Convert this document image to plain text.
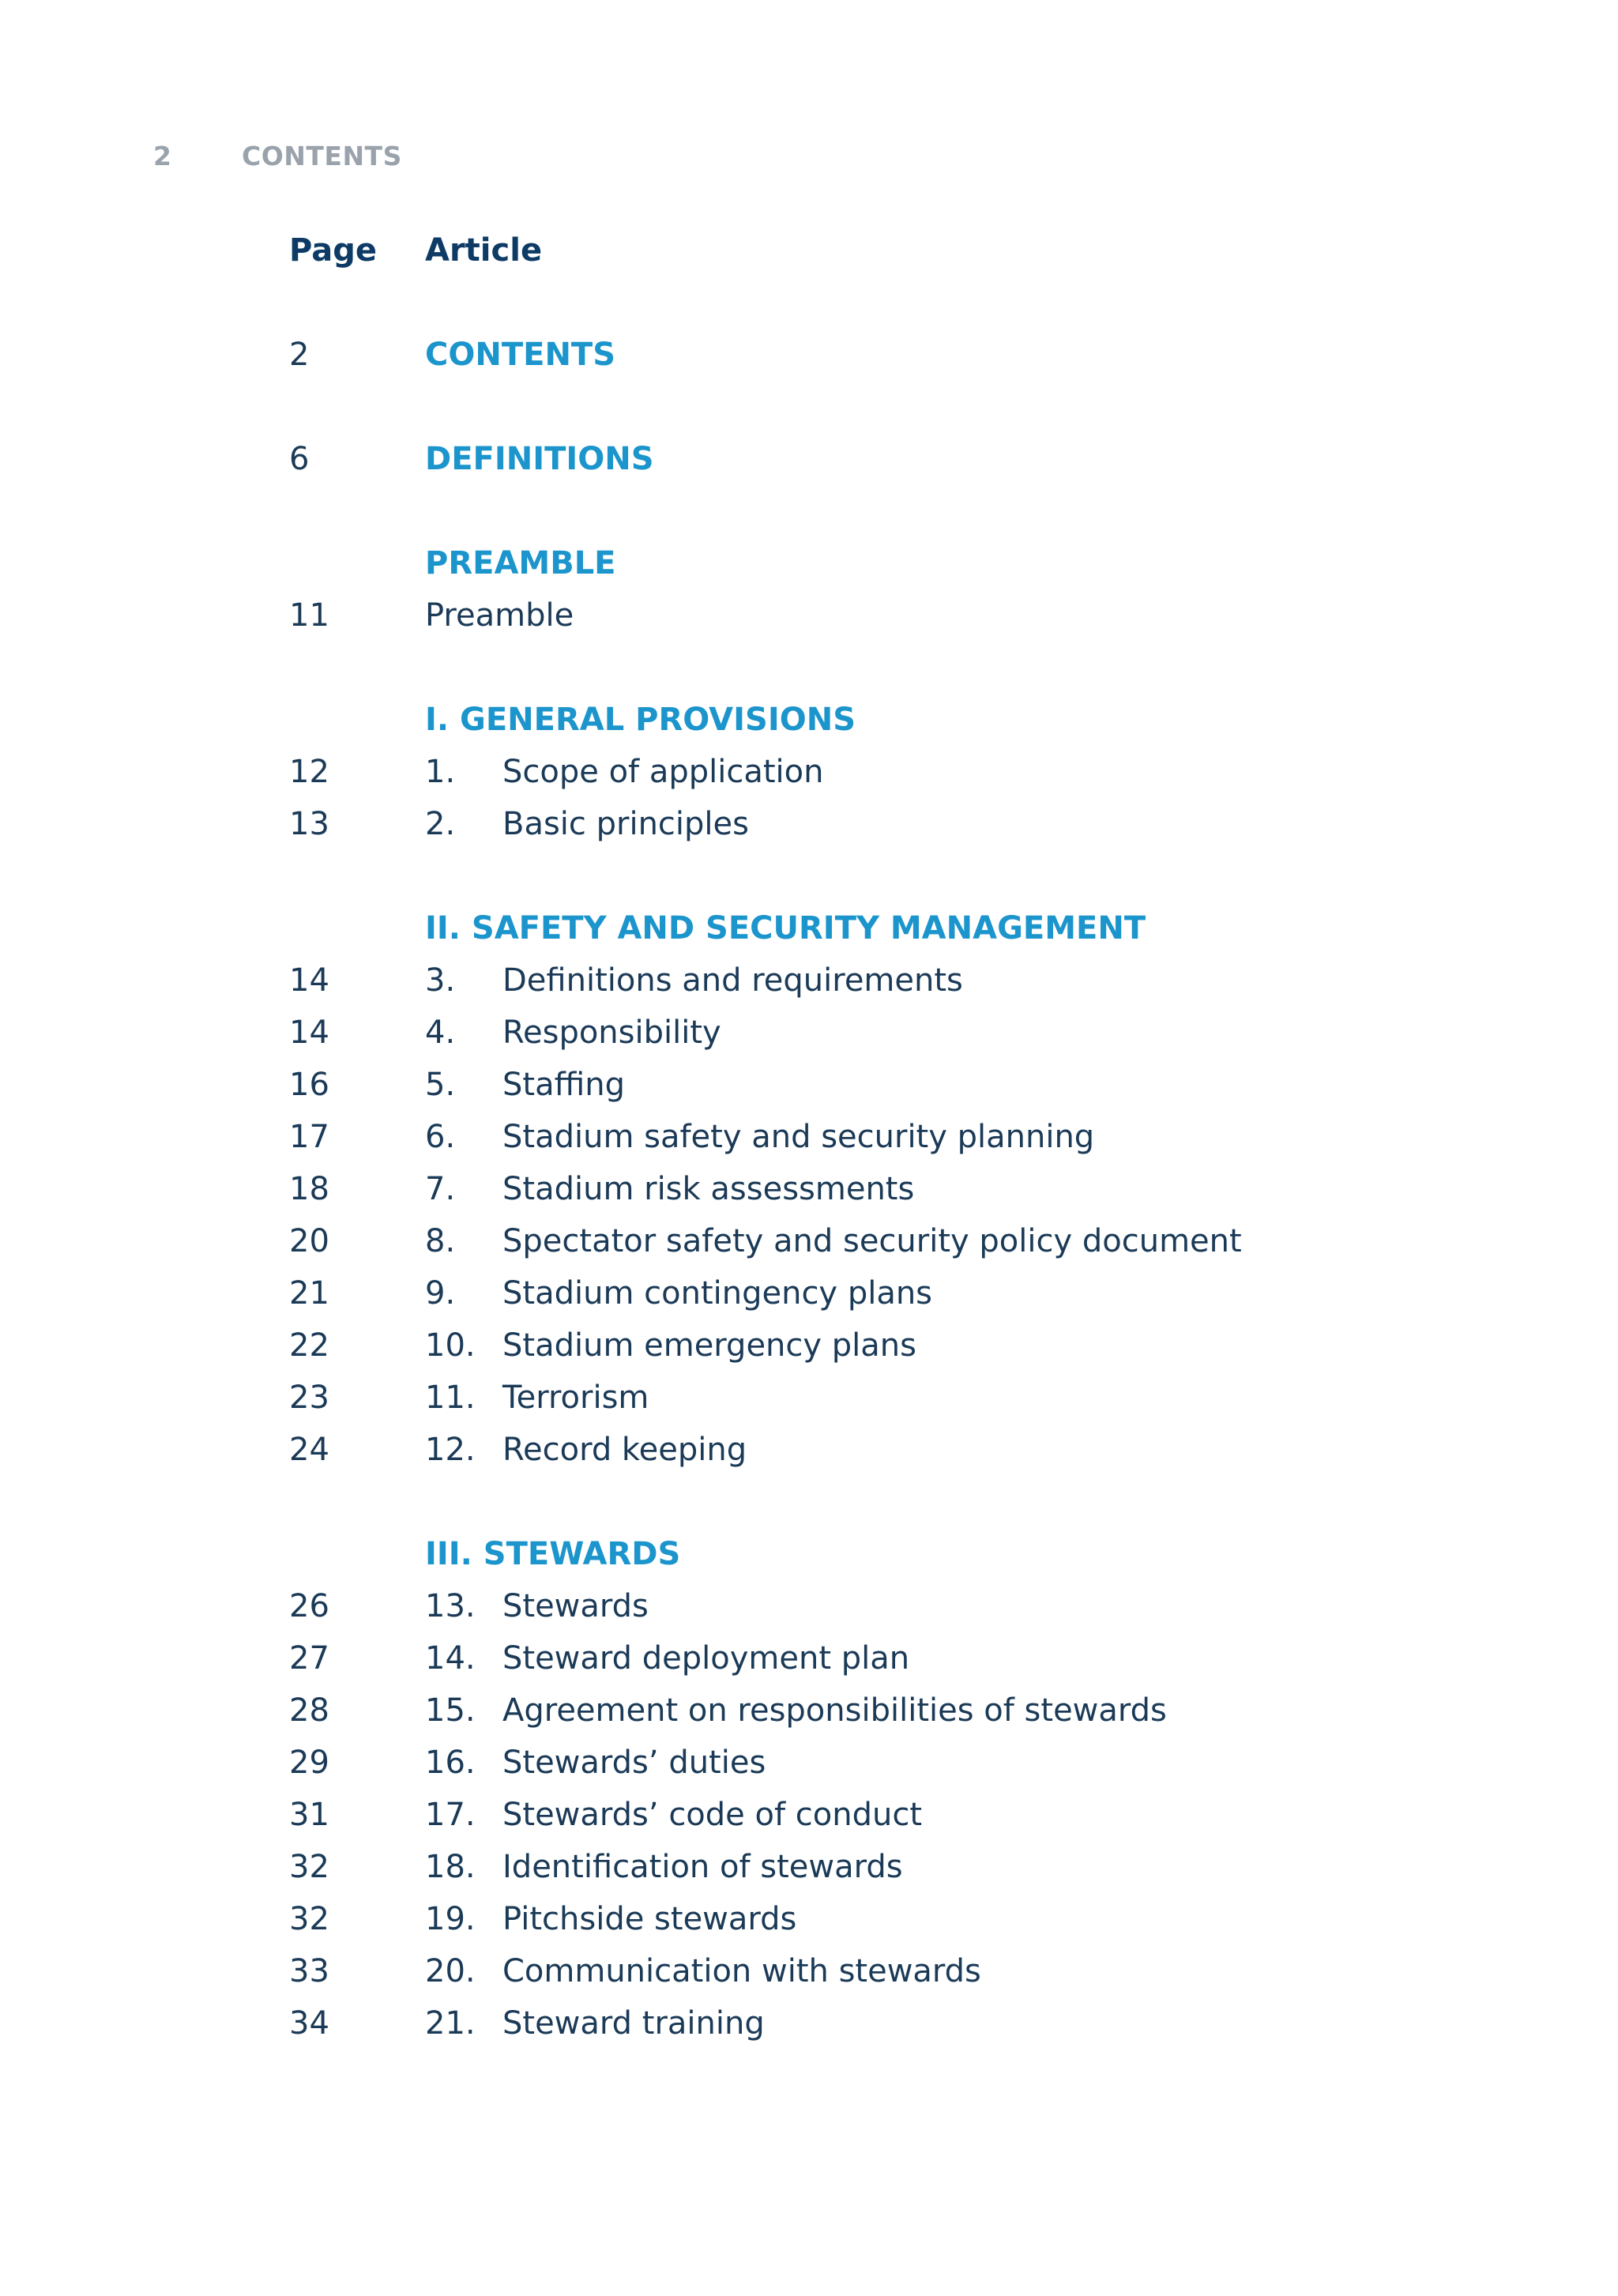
2	CONTENTS
Page Article
2	CONTENTS
6	DEFINITIONS
PREAMBLE
11	Preamble
I. GENERAL PROVISIONS
12	1. Scope of application
13	2. Basic principles
II. SAFETY AND SECURITY MANAGEMENT
14	3. Definitions and requirements
14	4. Responsibility
16	5. Staffing
17	6. Stadium safety and security planning
18	7. Stadium risk assessments
20	8. Spectator safety and security policy document
21	9. Stadium contingency plans
22	10. Stadium emergency plans
23	11. Terrorism
24	12. Record keeping
III. STEWARDS
26	13. Stewards
27	14. Steward deployment plan
28	15. Agreement on responsibilities of stewards
29	16. Stewards’ duties
31	17. Stewards’ code of conduct
32	18. Identification of stewards
32	19. Pitchside stewards
33	20. Communication with stewards
34	21. Steward training
